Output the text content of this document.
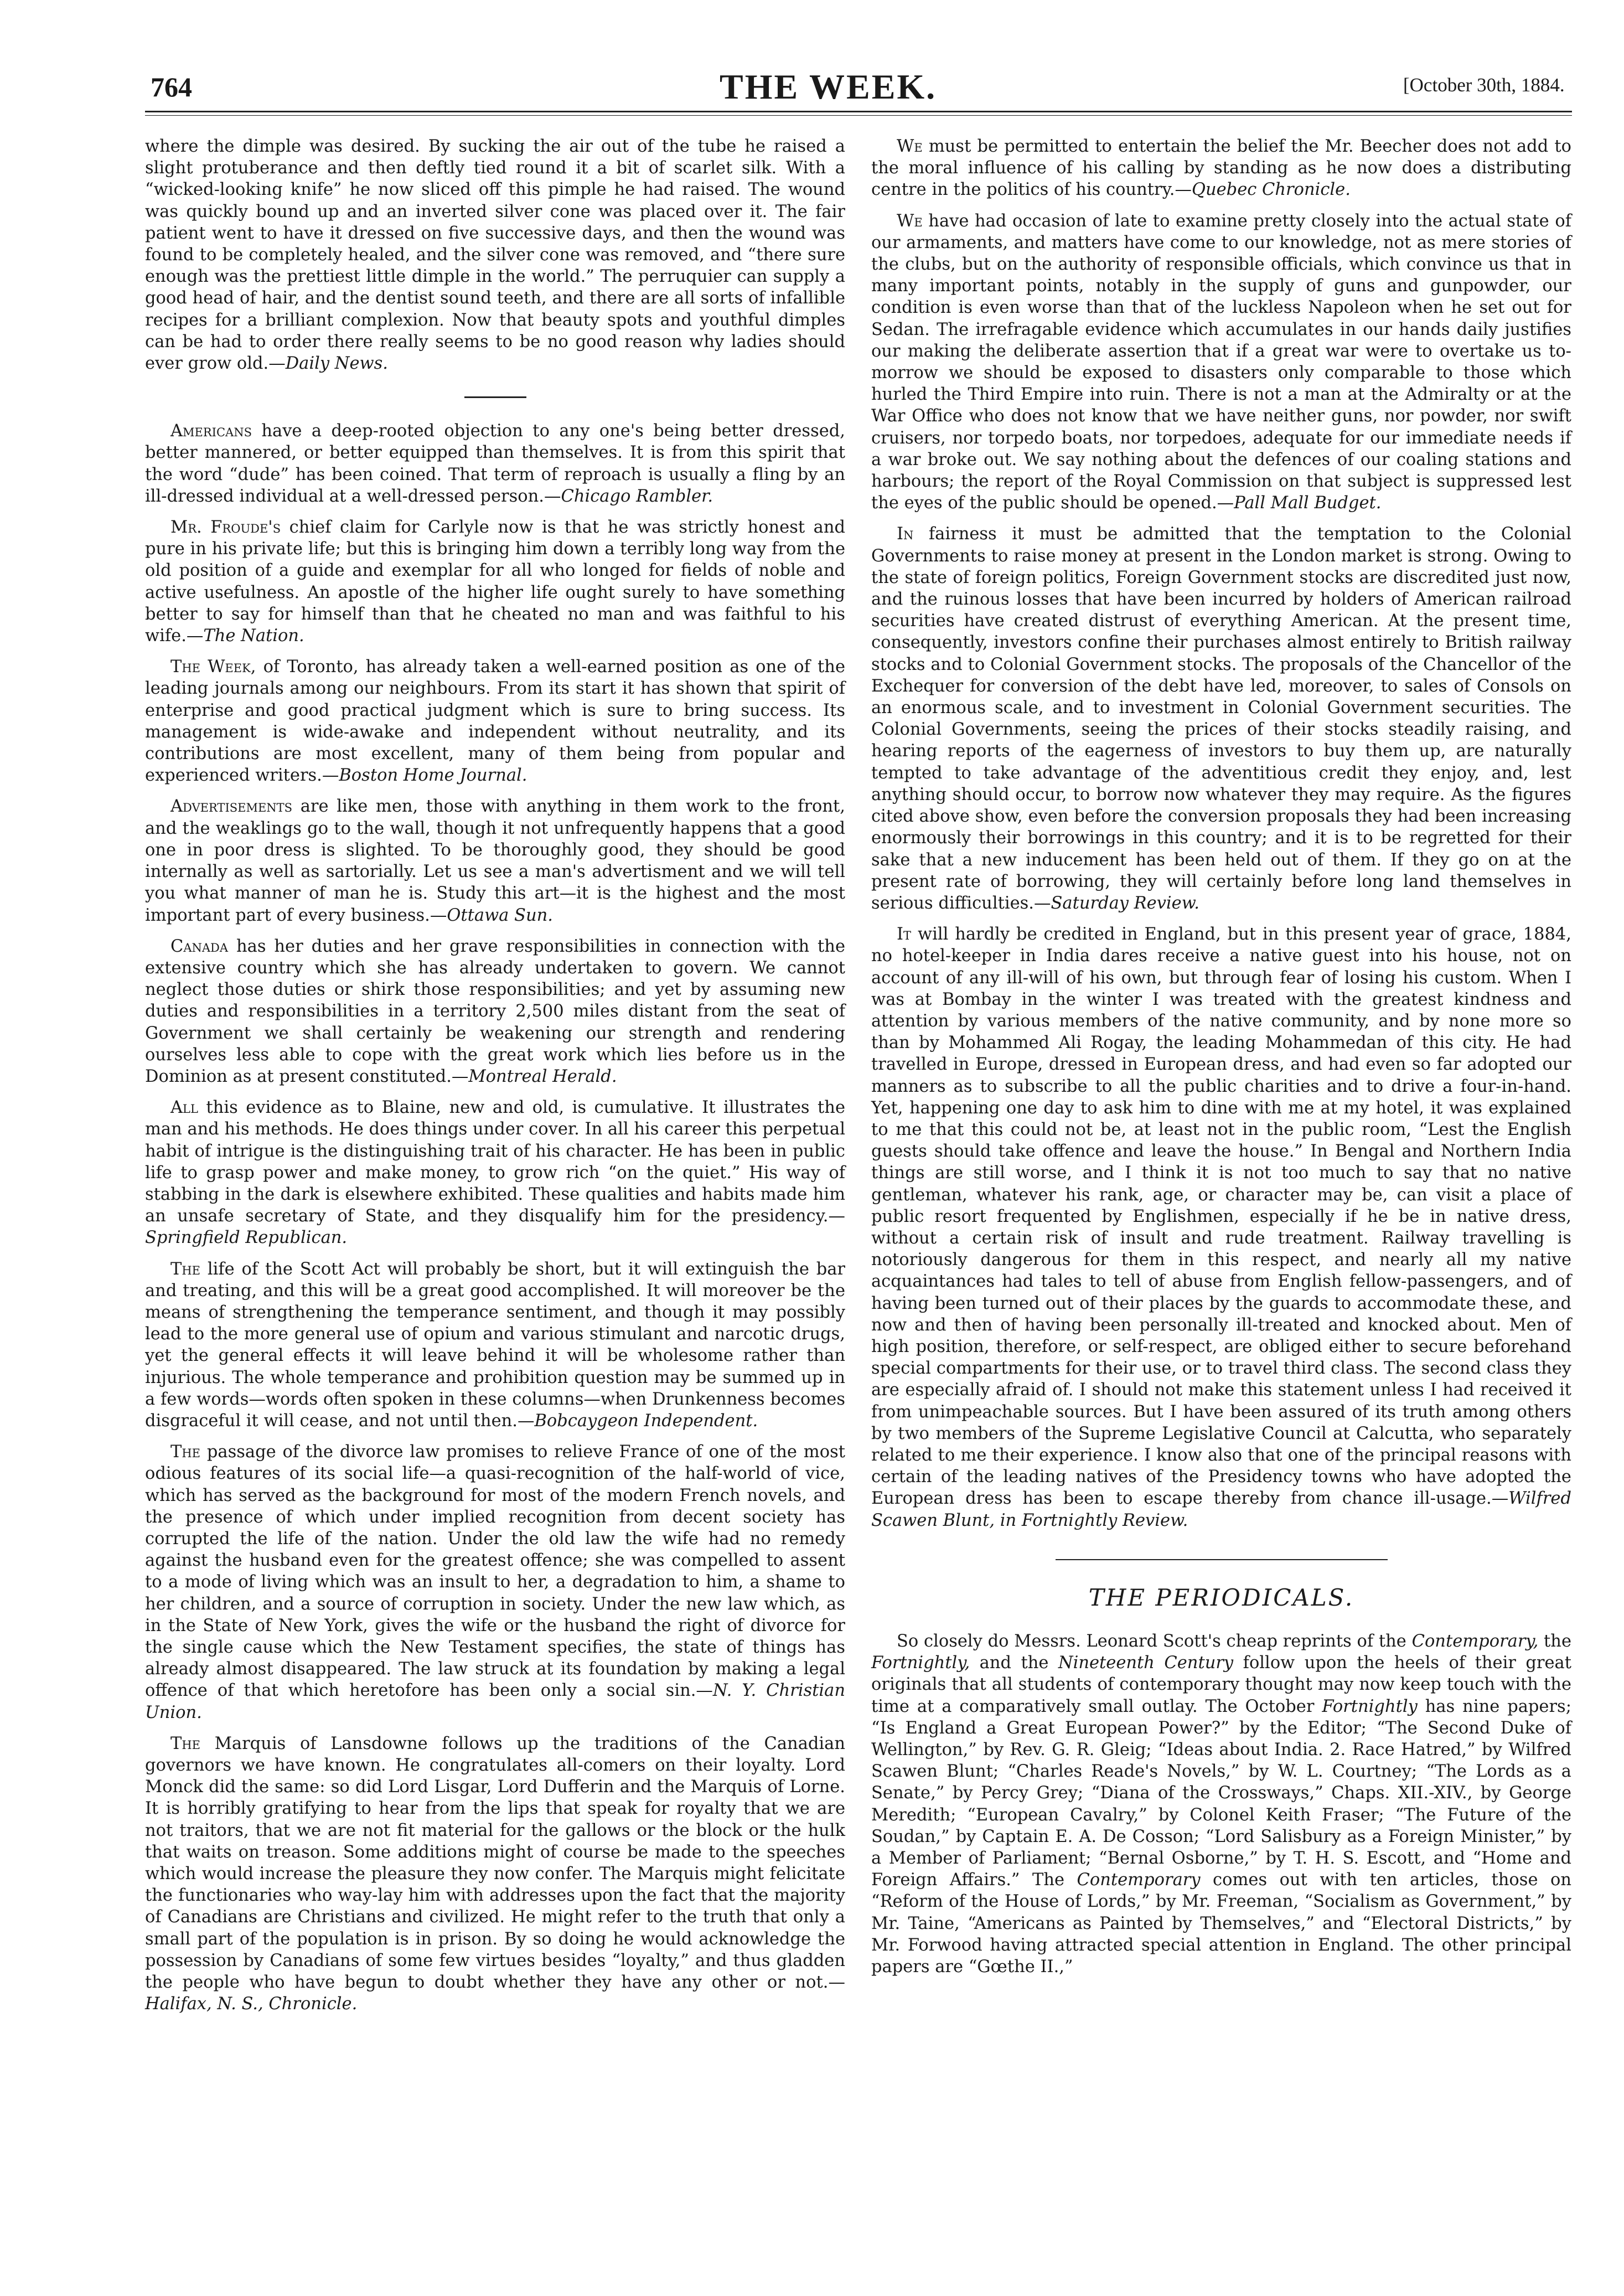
764	THE WEEK.	[October 30th, 1884.

where the dimple was desired. By sucking the air out of the tube he raised a slight protuberance and then deftly tied round it a bit of scarlet silk. With a “wicked-looking knife” he now sliced off this pimple he had raised. The wound was quickly bound up and an inverted silver cone was placed over it. The fair patient went to have it dressed on five successive days, and then the wound was found to be completely healed, and the silver cone was removed, and “there sure enough was the prettiest little dimple in the world.” The perruquier can supply a good head of hair, and the dentist sound teeth, and there are all sorts of infallible recipes for a brilliant complexion. Now that beauty spots and youthful dimples can be had to order there really seems to be no good reason why ladies should ever grow old.—Daily News.

Americans have a deep-rooted objection to any one's being better dressed, better mannered, or better equipped than themselves. It is from this spirit that the word “dude” has been coined. That term of reproach is usually a fling by an ill-dressed individual at a well-dressed person.—Chicago Rambler.

Mr. Froude's chief claim for Carlyle now is that he was strictly honest and pure in his private life; but this is bringing him down a terribly long way from the old position of a guide and exemplar for all who longed for fields of noble and active usefulness. An apostle of the higher life ought surely to have something better to say for himself than that he cheated no man and was faithful to his wife.—The Nation.

The Week, of Toronto, has already taken a well-earned position as one of the leading journals among our neighbours. From its start it has shown that spirit of enterprise and good practical judgment which is sure to bring success. Its management is wide-awake and independent without neutrality, and its contributions are most excellent, many of them being from popular and experienced writers.—Boston Home Journal.

Advertisements are like men, those with anything in them work to the front, and the weaklings go to the wall, though it not unfrequently happens that a good one in poor dress is slighted. To be thoroughly good, they should be good internally as well as sartorially. Let us see a man's advertisment and we will tell you what manner of man he is. Study this art—it is the highest and the most important part of every business.—Ottawa Sun.

Canada has her duties and her grave responsibilities in connection with the extensive country which she has already undertaken to govern. We cannot neglect those duties or shirk those responsibilities; and yet by assuming new duties and responsibilities in a territory 2,500 miles distant from the seat of Government we shall certainly be weakening our strength and rendering ourselves less able to cope with the great work which lies before us in the Dominion as at present constituted.—Montreal Herald.

All this evidence as to Blaine, new and old, is cumulative. It illustrates the man and his methods. He does things under cover. In all his career this perpetual habit of intrigue is the distinguishing trait of his character. He has been in public life to grasp power and make money, to grow rich “on the quiet.” His way of stabbing in the dark is elsewhere exhibited. These qualities and habits made him an unsafe secretary of State, and they disqualify him for the presidency.—Springfield Republican.

The life of the Scott Act will probably be short, but it will extinguish the bar and treating, and this will be a great good accomplished. It will moreover be the means of strengthening the temperance sentiment, and though it may possibly lead to the more general use of opium and various stimulant and narcotic drugs, yet the general effects it will leave behind it will be wholesome rather than injurious. The whole temperance and prohibition question may be summed up in a few words—words often spoken in these columns—when Drunkenness becomes disgraceful it will cease, and not until then.—Bobcaygeon Independent.

The passage of the divorce law promises to relieve France of one of the most odious features of its social life—a quasi-recognition of the half-world of vice, which has served as the background for most of the modern French novels, and the presence of which under implied recognition from decent society has corrupted the life of the nation. Under the old law the wife had no remedy against the husband even for the greatest offence; she was compelled to assent to a mode of living which was an insult to her, a degradation to him, a shame to her children, and a source of corruption in society. Under the new law which, as in the State of New York, gives the wife or the husband the right of divorce for the single cause which the New Testament specifies, the state of things has already almost disappeared. The law struck at its foundation by making a legal offence of that which heretofore has been only a social sin.—N. Y. Christian Union.

The Marquis of Lansdowne follows up the traditions of the Canadian governors we have known. He congratulates all-comers on their loyalty. Lord Monck did the same: so did Lord Lisgar, Lord Dufferin and the Marquis of Lorne. It is horribly gratifying to hear from the lips that speak for royalty that we are not traitors, that we are not fit material for the gallows or the block or the hulk that waits on treason. Some additions might of course be made to the speeches which would increase the pleasure they now confer. The Marquis might felicitate the functionaries who way-lay him with addresses upon the fact that the majority of Canadians are Christians and civilized. He might refer to the truth that only a small part of the population is in prison. By so doing he would acknowledge the possession by Canadians of some few virtues besides “loyalty,” and thus gladden the people who have begun to doubt whether they have any other or not.—Halifax, N. S., Chronicle.

We must be permitted to entertain the belief the Mr. Beecher does not add to the moral influence of his calling by standing as he now does a distributing centre in the politics of his country.—Quebec Chronicle.

We have had occasion of late to examine pretty closely into the actual state of our armaments, and matters have come to our knowledge, not as mere stories of the clubs, but on the authority of responsible officials, which convince us that in many important points, notably in the supply of guns and gunpowder, our condition is even worse than that of the luckless Napoleon when he set out for Sedan. The irrefragable evidence which accumulates in our hands daily justifies our making the deliberate assertion that if a great war were to overtake us to-morrow we should be exposed to disasters only comparable to those which hurled the Third Empire into ruin. There is not a man at the Admiralty or at the War Office who does not know that we have neither guns, nor powder, nor swift cruisers, nor torpedo boats, nor torpedoes, adequate for our immediate needs if a war broke out. We say nothing about the defences of our coaling stations and harbours; the report of the Royal Commission on that subject is suppressed lest the eyes of the public should be opened.—Pall Mall Budget.

In fairness it must be admitted that the temptation to the Colonial Governments to raise money at present in the London market is strong. Owing to the state of foreign politics, Foreign Government stocks are discredited just now, and the ruinous losses that have been incurred by holders of American railroad securities have created distrust of everything American. At the present time, consequently, investors confine their purchases almost entirely to British railway stocks and to Colonial Government stocks. The proposals of the Chancellor of the Exchequer for conversion of the debt have led, moreover, to sales of Consols on an enormous scale, and to investment in Colonial Government securities. The Colonial Governments, seeing the prices of their stocks steadily raising, and hearing reports of the eagerness of investors to buy them up, are naturally tempted to take advantage of the adventitious credit they enjoy, and, lest anything should occur, to borrow now whatever they may require. As the figures cited above show, even before the conversion proposals they had been increasing enormously their borrowings in this country; and it is to be regretted for their sake that a new inducement has been held out of them. If they go on at the present rate of borrowing, they will certainly before long land themselves in serious difficulties.—Saturday Review.

It will hardly be credited in England, but in this present year of grace, 1884, no hotel-keeper in India dares receive a native guest into his house, not on account of any ill-will of his own, but through fear of losing his custom. When I was at Bombay in the winter I was treated with the greatest kindness and attention by various members of the native community, and by none more so than by Mohammed Ali Rogay, the leading Mohammedan of this city. He had travelled in Europe, dressed in European dress, and had even so far adopted our manners as to subscribe to all the public charities and to drive a four-in-hand. Yet, happening one day to ask him to dine with me at my hotel, it was explained to me that this could not be, at least not in the public room, “Lest the English guests should take offence and leave the house.” In Bengal and Northern India things are still worse, and I think it is not too much to say that no native gentleman, whatever his rank, age, or character may be, can visit a place of public resort frequented by Englishmen, especially if he be in native dress, without a certain risk of insult and rude treatment. Railway travelling is notoriously dangerous for them in this respect, and nearly all my native acquaintances had tales to tell of abuse from English fellow-passengers, and of having been turned out of their places by the guards to accommodate these, and now and then of having been personally ill-treated and knocked about. Men of high position, therefore, or self-respect, are obliged either to secure beforehand special compartments for their use, or to travel third class. The second class they are especially afraid of. I should not make this statement unless I had received it from unimpeachable sources. But I have been assured of its truth among others by two members of the Supreme Legislative Council at Calcutta, who separately related to me their experience. I know also that one of the principal reasons with certain of the leading natives of the Presidency towns who have adopted the European dress has been to escape thereby from chance ill-usage.—Wilfred Scawen Blunt, in Fortnightly Review.

THE PERIODICALS.

So closely do Messrs. Leonard Scott's cheap reprints of the Contemporary, the Fortnightly, and the Nineteenth Century follow upon the heels of their great originals that all students of contemporary thought may now keep touch with the time at a comparatively small outlay. The October Fortnightly has nine papers; “Is England a Great European Power?” by the Editor; “The Second Duke of Wellington,” by Rev. G. R. Gleig; “Ideas about India. 2. Race Hatred,” by Wilfred Scawen Blunt; “Charles Reade's Novels,” by W. L. Courtney; “The Lords as a Senate,” by Percy Grey; “Diana of the Crossways,” Chaps. XII.-XIV., by George Meredith; “European Cavalry,” by Colonel Keith Fraser; “The Future of the Soudan,” by Captain E. A. De Cosson; “Lord Salisbury as a Foreign Minister,” by a Member of Parliament; “Bernal Osborne,” by T. H. S. Escott, and “Home and Foreign Affairs.” The Contemporary comes out with ten articles, those on “Reform of the House of Lords,” by Mr. Freeman, “Socialism as Government,” by Mr. Taine, “Americans as Painted by Themselves,” and “Electoral Districts,” by Mr. Forwood having attracted special attention in England. The other principal papers are “Gœthe II.,”
